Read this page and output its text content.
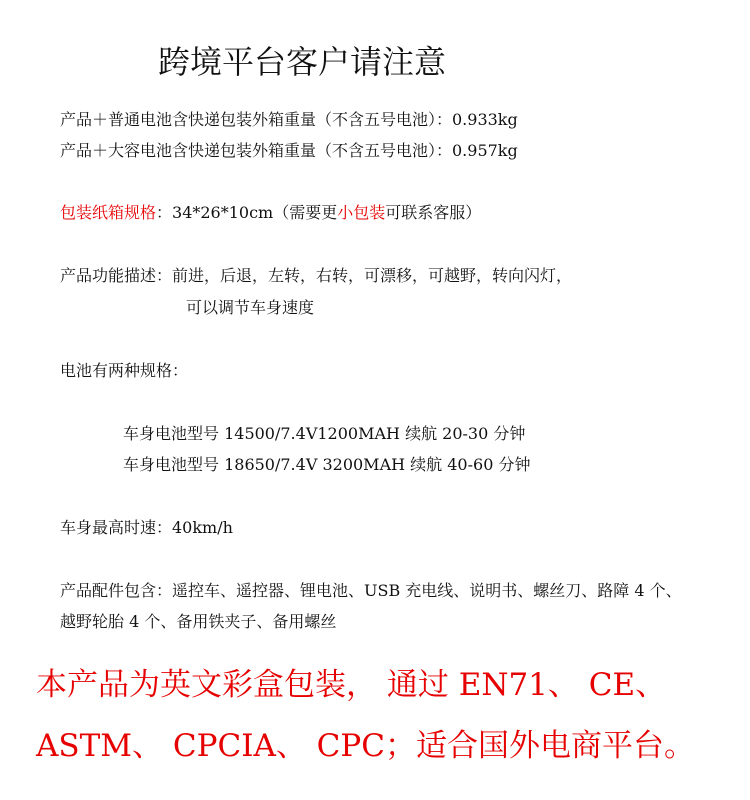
跨境平台客户请注意
产品＋普通电池含快递包装外箱重量（不含五号电池）：0.933kg
产品＋大容电池含快递包装外箱重量（不含五号电池）：0.957kg
包装纸箱规格：34*26*10cm（需要更小包装可联系客服）
产品功能描述：前进，后退，左转，右转，可漂移，可越野，转向闪灯，
可以调节车身速度
电池有两种规格：
车身电池型号 14500/7.4V1200MAH 续航 20-30 分钟
车身电池型号 18650/7.4V 3200MAH 续航 40-60 分钟
车身最高时速：40km/h
产品配件包含：遥控车、遥控器、锂电池、USB 充电线、说明书、螺丝刀、路障 4 个、
越野轮胎 4 个、备用铁夹子、备用螺丝
本产品为英文彩盒包装， 通过 EN71、 CE、
ASTM、 CPCIA、 CPC；适合国外电商平台。
